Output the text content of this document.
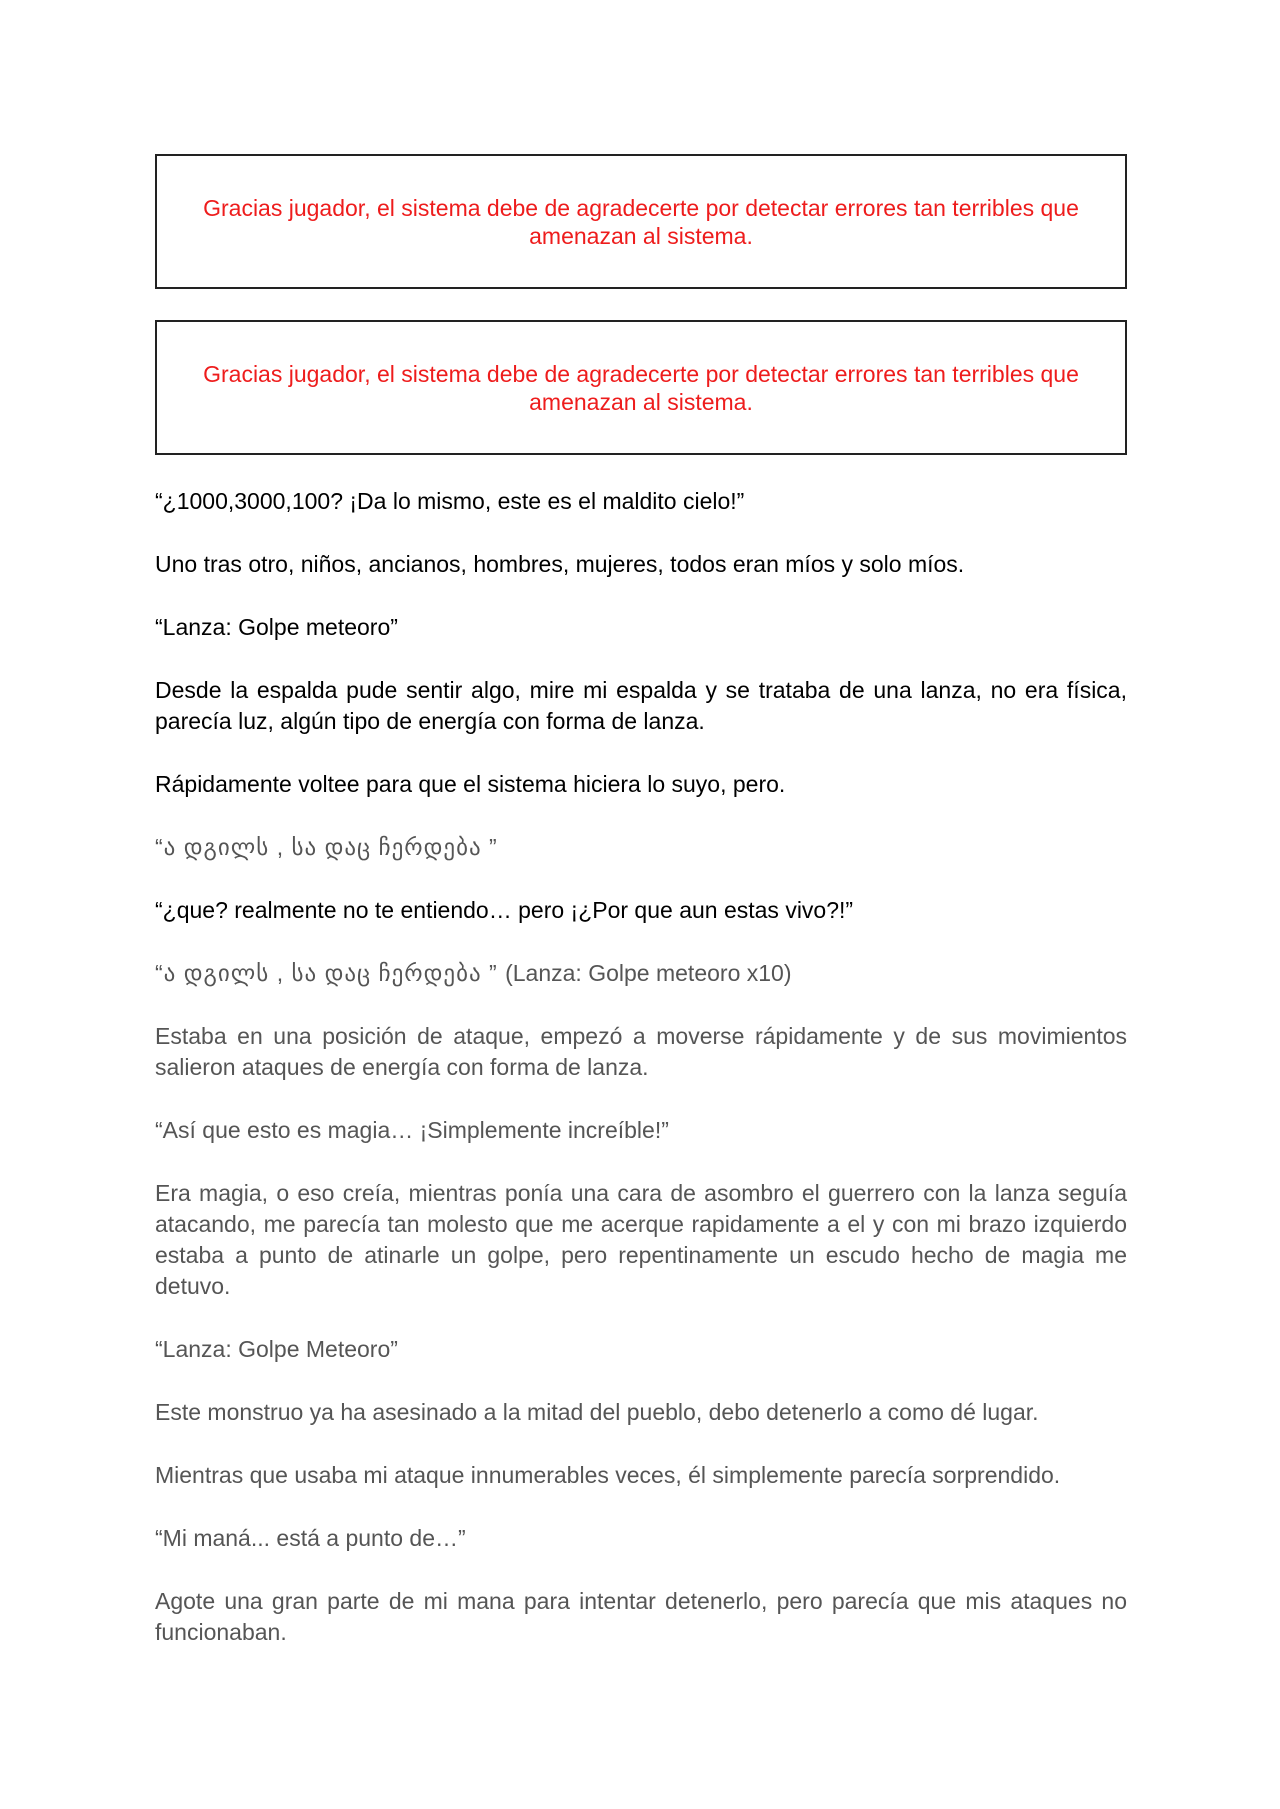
Gracias jugador, el sistema debe de agradecerte por detectar errores tan terribles que amenazan al sistema.
Gracias jugador, el sistema debe de agradecerte por detectar errores tan terribles que amenazan al sistema.

“¿1000,3000,100? ¡Da lo mismo, este es el maldito cielo!”

Uno tras otro, niños, ancianos, hombres, mujeres, todos eran míos y solo míos.

“Lanza: Golpe meteoro”

Desde la espalda pude sentir algo, mire mi espalda y se trataba de una lanza, no era física, parecía luz, algún tipo de energía con forma de lanza.

Rápidamente voltee para que el sistema hiciera lo suyo, pero.

“ა დგილს , სა დაც ჩერდება ”

“¿que? realmente no te entiendo… pero ¡¿Por que aun estas vivo?!”

“ა დგილს , სა დაც ჩერდება ” (Lanza: Golpe meteoro x10)

Estaba en una posición de ataque, empezó a moverse rápidamente y de sus movimientos salieron ataques de energía con forma de lanza.

“Así que esto es magia… ¡Simplemente increíble!”

Era magia, o eso creía, mientras ponía una cara de asombro el guerrero con la lanza seguía atacando, me parecía tan molesto que me acerque rapidamente a el y con mi brazo izquierdo estaba a punto de atinarle un golpe, pero repentinamente un escudo hecho de magia me detuvo.

“Lanza: Golpe Meteoro”

Este monstruo ya ha asesinado a la mitad del pueblo, debo detenerlo a como dé lugar.

Mientras que usaba mi ataque innumerables veces, él simplemente parecía sorprendido.

“Mi maná... está a punto de…”

Agote una gran parte de mi mana para intentar detenerlo, pero parecía que mis ataques no funcionaban.
